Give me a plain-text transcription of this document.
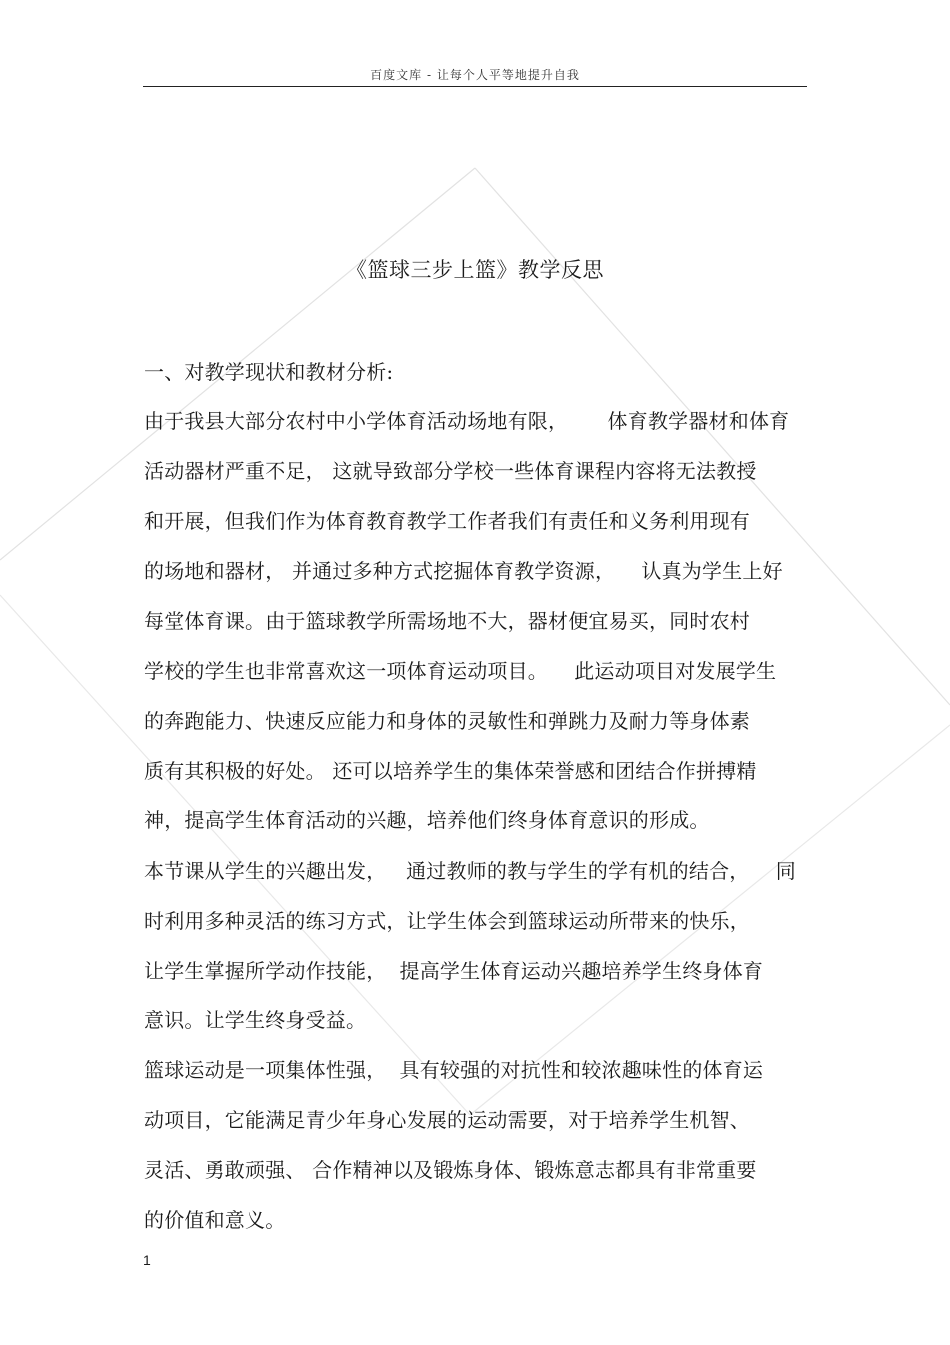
百度文库 - 让每个人平等地提升自我
《篮球三步上篮》教学反思
一、对教学现状和教材分析:
由于我县大部分农村中小学体育活动场地有限，      体育教学器材和体育
活动器材严重不足， 这就导致部分学校一些体育课程内容将无法教授
和开展，但我们作为体育教育教学工作者我们有责任和义务利用现有
的场地和器材， 并通过多种方式挖掘体育教学资源，    认真为学生上好
每堂体育课。由于篮球教学所需场地不大，器材便宜易买，同时农村
学校的学生也非常喜欢这一项体育运动项目。    此运动项目对发展学生
的奔跑能力、快速反应能力和身体的灵敏性和弹跳力及耐力等身体素
质有其积极的好处。 还可以培养学生的集体荣誉感和团结合作拼搏精
神，提高学生体育活动的兴趣，培养他们终身体育意识的形成。
本节课从学生的兴趣出发，   通过教师的教与学生的学有机的结合，    同
时利用多种灵活的练习方式，让学生体会到篮球运动所带来的快乐，
让学生掌握所学动作技能，  提高学生体育运动兴趣培养学生终身体育
意识。让学生终身受益。
篮球运动是一项集体性强，  具有较强的对抗性和较浓趣味性的体育运
动项目，它能满足青少年身心发展的运动需要，对于培养学生机智、
灵活、勇敢顽强、 合作精神以及锻炼身体、锻炼意志都具有非常重要
的价值和意义。
1
